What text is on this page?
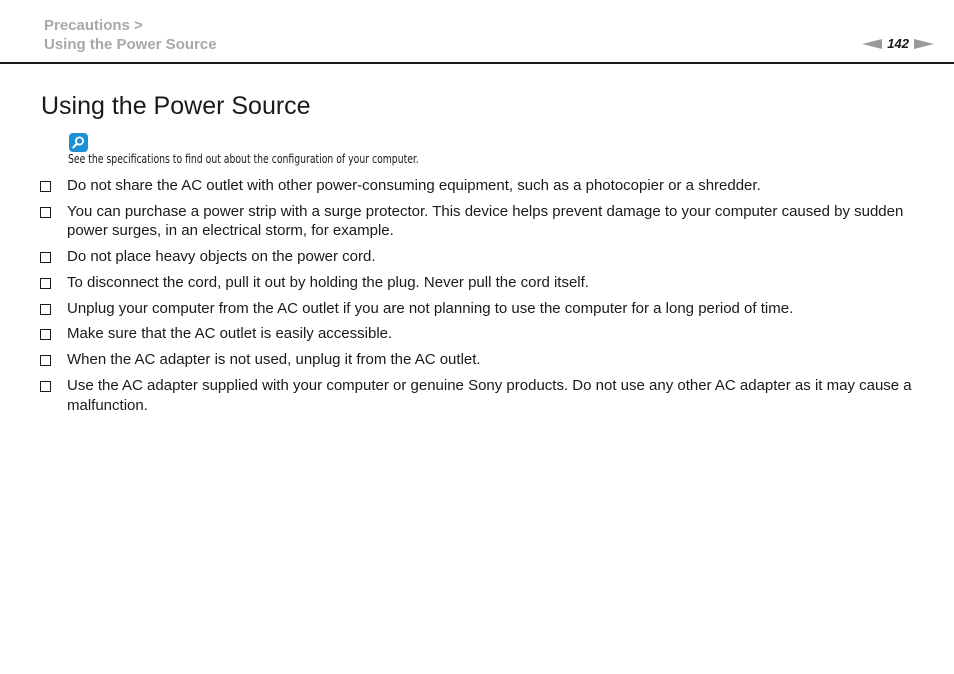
Precautions >
Using the Power Source	142
Using the Power Source
See the specifications to find out about the configuration of your computer.
Do not share the AC outlet with other power-consuming equipment, such as a photocopier or a shredder.
You can purchase a power strip with a surge protector. This device helps prevent damage to your computer caused by sudden power surges, in an electrical storm, for example.
Do not place heavy objects on the power cord.
To disconnect the cord, pull it out by holding the plug. Never pull the cord itself.
Unplug your computer from the AC outlet if you are not planning to use the computer for a long period of time.
Make sure that the AC outlet is easily accessible.
When the AC adapter is not used, unplug it from the AC outlet.
Use the AC adapter supplied with your computer or genuine Sony products. Do not use any other AC adapter as it may cause a malfunction.
